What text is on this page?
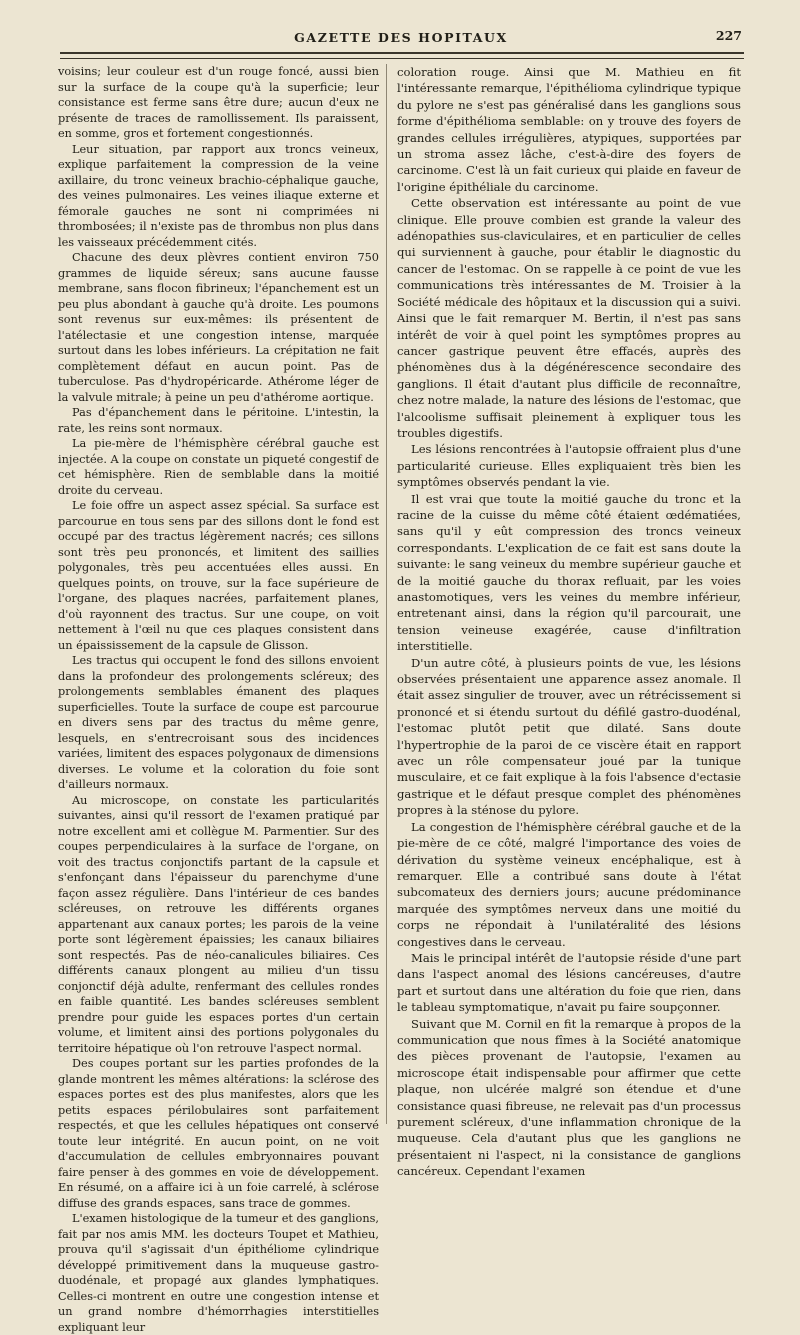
GAZETTE DES HOPITAUX	227

voisins; leur couleur est d'un rouge foncé, aussi bien sur la surface de la coupe qu'à la superficie; leur consistance est ferme sans être dure; aucun d'eux ne présente de traces de ramollissement. Ils paraissent, en somme, gros et fortement congestionnés.

Leur situation, par rapport aux troncs veineux, explique parfaitement la compression de la veine axillaire, du tronc veineux brachio-céphalique gauche, des veines pulmonaires. Les veines iliaque externe et fémorale gauches ne sont ni comprimées ni thrombosées; il n'existe pas de thrombus non plus dans les vaisseaux précédemment cités.

Chacune des deux plèvres contient environ 750 grammes de liquide séreux; sans aucune fausse membrane, sans flocon fibrineux; l'épanchement est un peu plus abondant à gauche qu'à droite. Les poumons sont revenus sur eux-mêmes: ils présentent de l'atélectasie et une congestion intense, marquée surtout dans les lobes inférieurs. La crépitation ne fait complètement défaut en aucun point. Pas de tuberculose. Pas d'hydropéricarde. Athérome léger de la valvule mitrale; à peine un peu d'athérome aortique.

Pas d'épanchement dans le péritoine. L'intestin, la rate, les reins sont normaux.

La pie-mère de l'hémisphère cérébral gauche est injectée. A la coupe on constate un piqueté congestif de cet hémisphère. Rien de semblable dans la moitié droite du cerveau.

Le foie offre un aspect assez spécial. Sa surface est parcourue en tous sens par des sillons dont le fond est occupé par des tractus légèrement nacrés; ces sillons sont très peu prononcés, et limitent des saillies polygonales, très peu accentuées elles aussi. En quelques points, on trouve, sur la face supérieure de l'organe, des plaques nacrées, parfaitement planes, d'où rayonnent des tractus. Sur une coupe, on voit nettement à l'œil nu que ces plaques consistent dans un épaississement de la capsule de Glisson.

Les tractus qui occupent le fond des sillons envoient dans la profondeur des prolongements scléreux; des prolongements semblables émanent des plaques superficielles. Toute la surface de coupe est parcourue en divers sens par des tractus du même genre, lesquels, en s'entrecroisant sous des incidences variées, limitent des espaces polygonaux de dimensions diverses. Le volume et la coloration du foie sont d'ailleurs normaux.

Au microscope, on constate les particularités suivantes, ainsi qu'il ressort de l'examen pratiqué par notre excellent ami et collègue M. Parmentier. Sur des coupes perpendiculaires à la surface de l'organe, on voit des tractus conjonctifs partant de la capsule et s'enfonçant dans l'épaisseur du parenchyme d'une façon assez régulière. Dans l'intérieur de ces bandes scléreuses, on retrouve les différents organes appartenant aux canaux portes; les parois de la veine porte sont légèrement épaissies; les canaux biliaires sont respectés. Pas de néo-canalicules biliaires. Ces différents canaux plongent au milieu d'un tissu conjonctif déjà adulte, renfermant des cellules rondes en faible quantité. Les bandes scléreuses semblent prendre pour guide les espaces portes d'un certain volume, et limitent ainsi des portions polygonales du territoire hépatique où l'on retrouve l'aspect normal.

Des coupes portant sur les parties profondes de la glande montrent les mêmes altérations: la sclérose des espaces portes est des plus manifestes, alors que les petits espaces périlobulaires sont parfaitement respectés, et que les cellules hépatiques ont conservé toute leur intégrité. En aucun point, on ne voit d'accumulation de cellules embryonnaires pouvant faire penser à des gommes en voie de développement. En résumé, on a affaire ici à un foie carrelé, à sclérose diffuse des grands espaces, sans trace de gommes.

L'examen histologique de la tumeur et des ganglions, fait par nos amis MM. les docteurs Toupet et Mathieu, prouva qu'il s'agissait d'un épithéliome cylindrique développé primitivement dans la muqueuse gastro-duodénale, et propagé aux glandes lymphatiques. Celles-ci montrent en outre une congestion intense et un grand nombre d'hémorrhagies interstitielles expliquant leur

coloration rouge. Ainsi que M. Mathieu en fit l'intéressante remarque, l'épithélioma cylindrique typique du pylore ne s'est pas généralisé dans les ganglions sous forme d'épithélioma semblable: on y trouve des foyers de grandes cellules irrégulières, atypiques, supportées par un stroma assez lâche, c'est-à-dire des foyers de carcinome. C'est là un fait curieux qui plaide en faveur de l'origine épithéliale du carcinome.

Cette observation est intéressante au point de vue clinique. Elle prouve combien est grande la valeur des adénopathies sus-claviculaires, et en particulier de celles qui surviennent à gauche, pour établir le diagnostic du cancer de l'estomac. On se rappelle à ce point de vue les communications très intéressantes de M. Troisier à la Société médicale des hôpitaux et la discussion qui a suivi. Ainsi que le fait remarquer M. Bertin, il n'est pas sans intérêt de voir à quel point les symptômes propres au cancer gastrique peuvent être effacés, auprès des phénomènes dus à la dégénérescence secondaire des ganglions. Il était d'autant plus difficile de reconnaître, chez notre malade, la nature des lésions de l'estomac, que l'alcoolisme suffisait pleinement à expliquer tous les troubles digestifs.

Les lésions rencontrées à l'autopsie offraient plus d'une particularité curieuse. Elles expliquaient très bien les symptômes observés pendant la vie.

Il est vrai que toute la moitié gauche du tronc et la racine de la cuisse du même côté étaient œdématiées, sans qu'il y eût compression des troncs veineux correspondants. L'explication de ce fait est sans doute la suivante: le sang veineux du membre supérieur gauche et de la moitié gauche du thorax refluait, par les voies anastomotiques, vers les veines du membre inférieur, entretenant ainsi, dans la région qu'il parcourait, une tension veineuse exagérée, cause d'infiltration interstitielle.

D'un autre côté, à plusieurs points de vue, les lésions observées présentaient une apparence assez anomale. Il était assez singulier de trouver, avec un rétrécissement si prononcé et si étendu surtout du défilé gastro-duodénal, l'estomac plutôt petit que dilaté. Sans doute l'hypertrophie de la paroi de ce viscère était en rapport avec un rôle compensateur joué par la tunique musculaire, et ce fait explique à la fois l'absence d'ectasie gastrique et le défaut presque complet des phénomènes propres à la sténose du pylore.

La congestion de l'hémisphère cérébral gauche et de la pie-mère de ce côté, malgré l'importance des voies de dérivation du système veineux encéphalique, est à remarquer. Elle a contribué sans doute à l'état subcomateux des derniers jours; aucune prédominance marquée des symptômes nerveux dans une moitié du corps ne répondait à l'unilatéralité des lésions congestives dans le cerveau.

Mais le principal intérêt de l'autopsie réside d'une part dans l'aspect anomal des lésions cancéreuses, d'autre part et surtout dans une altération du foie que rien, dans le tableau symptomatique, n'avait pu faire soupçonner.

Suivant que M. Cornil en fit la remarque à propos de la communication que nous fîmes à la Société anatomique des pièces provenant de l'autopsie, l'examen au microscope était indispensable pour affirmer que cette plaque, non ulcérée malgré son étendue et d'une consistance quasi fibreuse, ne relevait pas d'un processus purement scléreux, d'une inflammation chronique de la muqueuse. Cela d'autant plus que les ganglions ne présentaient ni l'aspect, ni la consistance de ganglions cancéreux. Cependant l'examen
